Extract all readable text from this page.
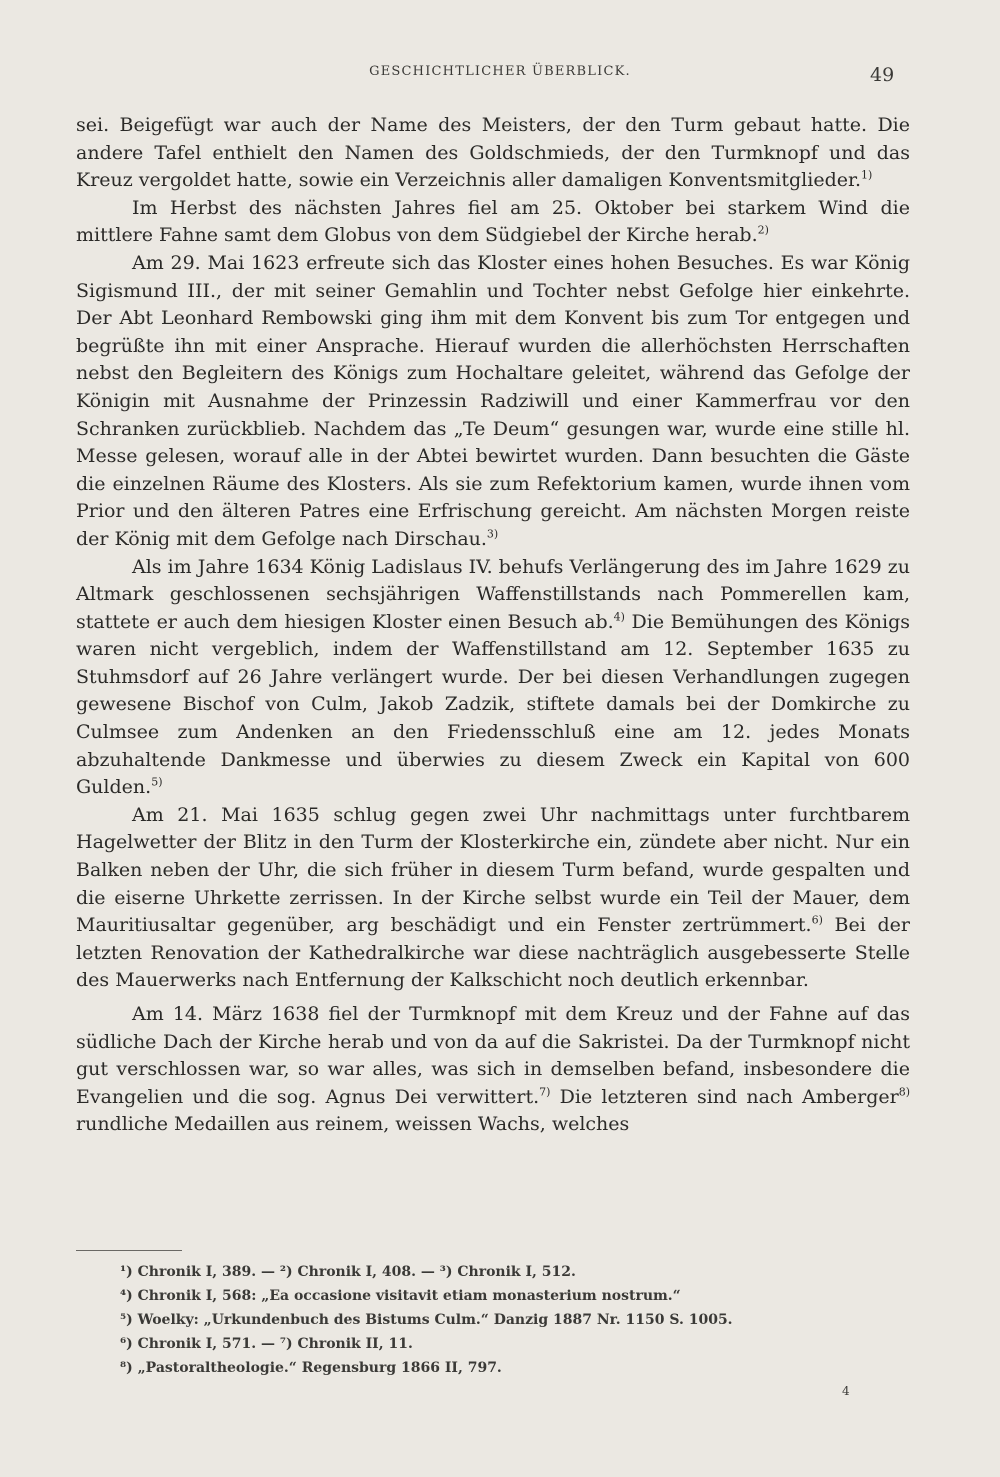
GESCHICHTLICHER ÜBERBLICK.	49

sei. Beigefügt war auch der Name des Meisters, der den Turm gebaut hatte. Die andere Tafel enthielt den Namen des Goldschmieds, der den Turmknopf und das Kreuz vergoldet hatte, sowie ein Verzeichnis aller damaligen Konventsmitglieder.$^{1)}$

Im Herbst des nächsten Jahres fiel am 25. Oktober bei starkem Wind die mittlere Fahne samt dem Globus von dem Südgiebel der Kirche herab.$^{2)}$

Am 29. Mai 1623 erfreute sich das Kloster eines hohen Besuches. Es war König Sigismund III., der mit seiner Gemahlin und Tochter nebst Gefolge hier einkehrte. Der Abt Leonhard Rembowski ging ihm mit dem Konvent bis zum Tor entgegen und begrüßte ihn mit einer Ansprache. Hierauf wurden die allerhöchsten Herrschaften nebst den Begleitern des Königs zum Hochaltare geleitet, während das Gefolge der Königin mit Ausnahme der Prinzessin Radziwill und einer Kammerfrau vor den Schranken zurückblieb. Nachdem das „Te Deum“ gesungen war, wurde eine stille hl. Messe gelesen, worauf alle in der Abtei bewirtet wurden. Dann besuchten die Gäste die einzelnen Räume des Klosters. Als sie zum Refektorium kamen, wurde ihnen vom Prior und den älteren Patres eine Erfrischung gereicht. Am nächsten Morgen reiste der König mit dem Gefolge nach Dirschau.$^{3)}$

Als im Jahre 1634 König Ladislaus IV. behufs Verlängerung des im Jahre 1629 zu Altmark geschlossenen sechsjährigen Waffenstillstands nach Pommerellen kam, stattete er auch dem hiesigen Kloster einen Besuch ab.$^{4)}$ Die Bemühungen des Königs waren nicht vergeblich, indem der Waffenstillstand am 12. September 1635 zu Stuhmsdorf auf 26 Jahre verlängert wurde. Der bei diesen Verhandlungen zugegen gewesene Bischof von Culm, Jakob Zadzik, stiftete damals bei der Domkirche zu Culmsee zum Andenken an den Friedensschluß eine am 12. jedes Monats abzuhaltende Dankmesse und überwies zu diesem Zweck ein Kapital von 600 Gulden.$^{5)}$

Am 21. Mai 1635 schlug gegen zwei Uhr nachmittags unter furchtbarem Hagelwetter der Blitz in den Turm der Klosterkirche ein, zündete aber nicht. Nur ein Balken neben der Uhr, die sich früher in diesem Turm befand, wurde gespalten und die eiserne Uhrkette zerrissen. In der Kirche selbst wurde ein Teil der Mauer, dem Mauritiusaltar gegenüber, arg beschädigt und ein Fenster zertrümmert.$^{6)}$ Bei der letzten Renovation der Kathedralkirche war diese nachträglich ausgebesserte Stelle des Mauerwerks nach Entfernung der Kalkschicht noch deutlich erkennbar.

Am 14. März 1638 fiel der Turmknopf mit dem Kreuz und der Fahne auf das südliche Dach der Kirche herab und von da auf die Sakristei. Da der Turmknopf nicht gut verschlossen war, so war alles, was sich in demselben befand, insbesondere die Evangelien und die sog. Agnus Dei verwittert.$^{7)}$ Die letzteren sind nach Amberger$^{8)}$ rundliche Medaillen aus reinem, weissen Wachs, welches

¹) Chronik I, 389. — ²) Chronik I, 408. — ³) Chronik I, 512.
⁴) Chronik I, 568: „Ea occasione visitavit etiam monasterium nostrum.“
⁵) Woelky: „Urkundenbuch des Bistums Culm.“ Danzig 1887 Nr. 1150 S. 1005.
⁶) Chronik I, 571. — ⁷) Chronik II, 11.
⁸) „Pastoraltheologie.“ Regensburg 1866 II, 797.
4
